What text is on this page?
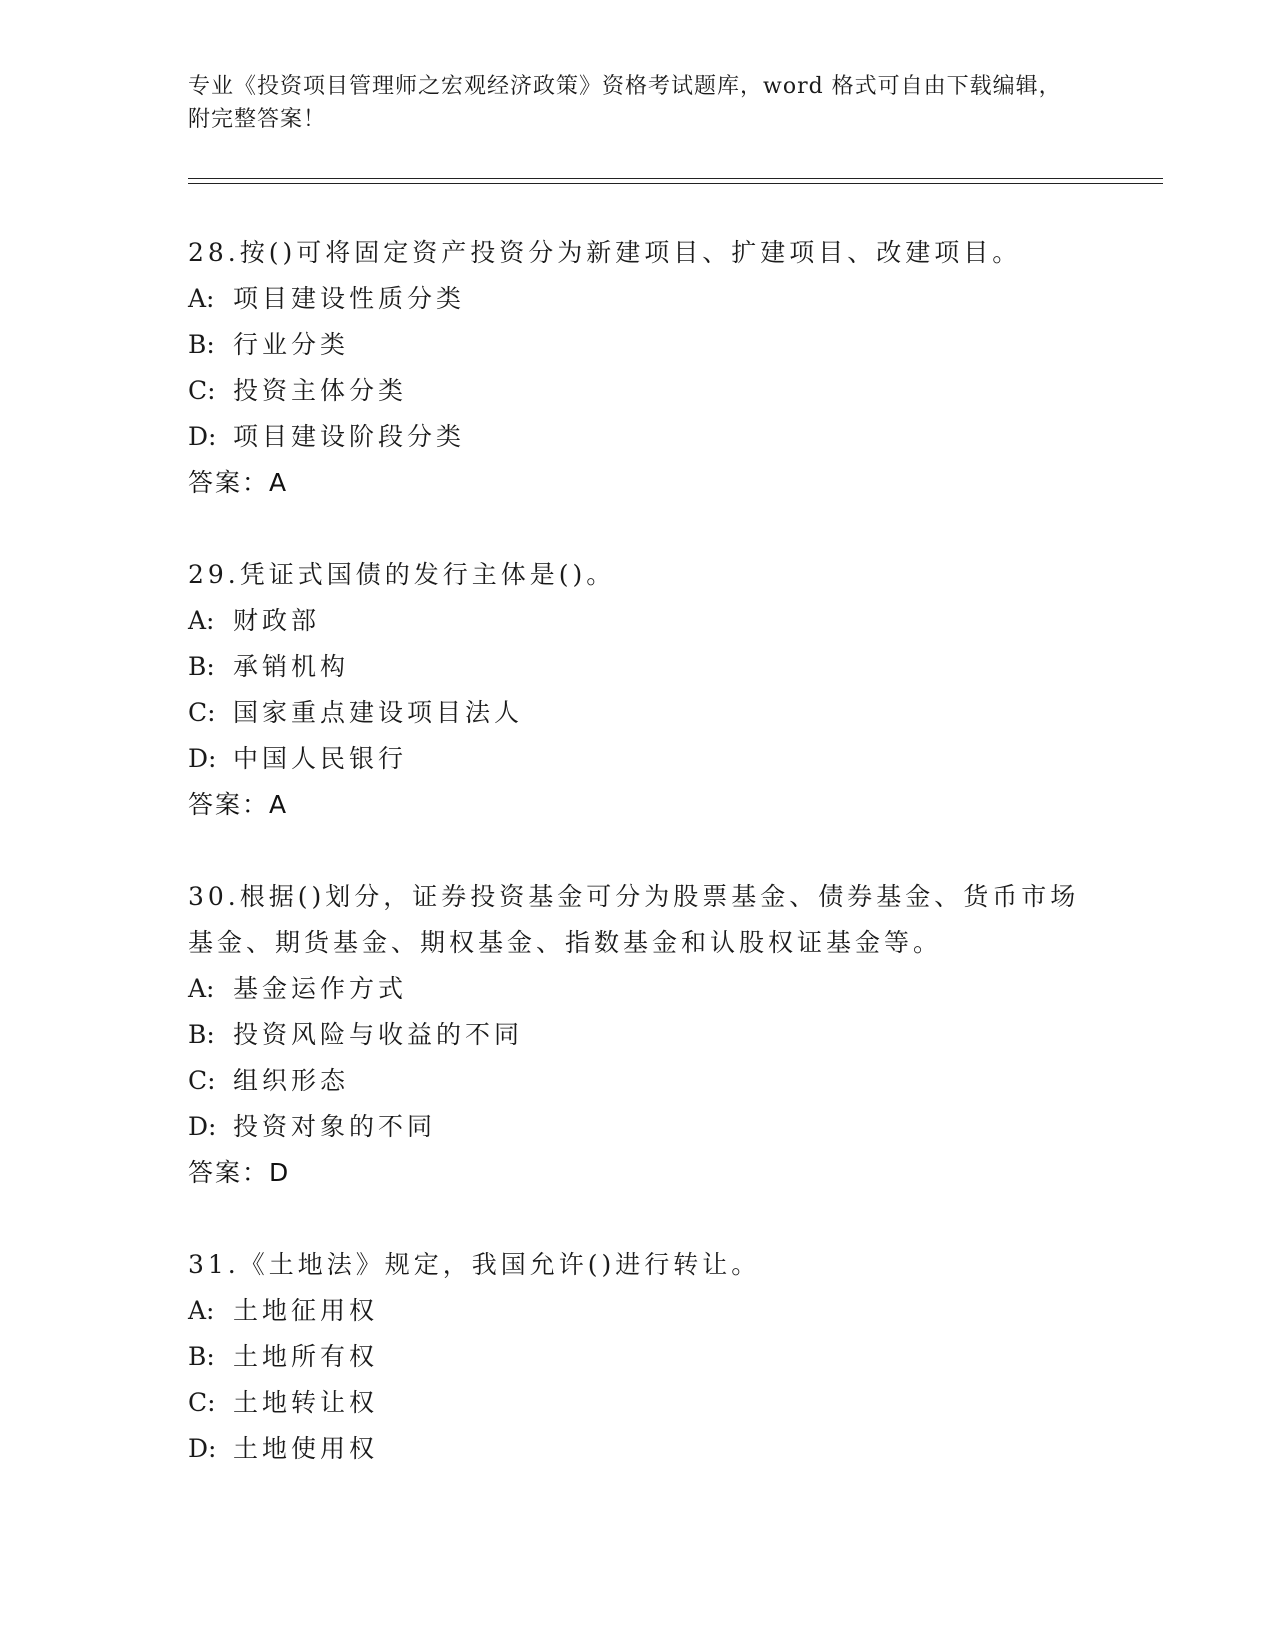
专业《投资项目管理师之宏观经济政策》资格考试题库，word 格式可自由下载编辑，附完整答案！
28.按()可将固定资产投资分为新建项目、扩建项目、改建项目。
A: 项目建设性质分类
B: 行业分类
C: 投资主体分类
D: 项目建设阶段分类
答案：A
29.凭证式国债的发行主体是()。
A: 财政部
B: 承销机构
C: 国家重点建设项目法人
D: 中国人民银行
答案：A
30.根据()划分，证券投资基金可分为股票基金、债券基金、货币市场基金、期货基金、期权基金、指数基金和认股权证基金等。
A: 基金运作方式
B: 投资风险与收益的不同
C: 组织形态
D: 投资对象的不同
答案：D
31.《土地法》规定，我国允许()进行转让。
A: 土地征用权
B: 土地所有权
C: 土地转让权
D: 土地使用权
